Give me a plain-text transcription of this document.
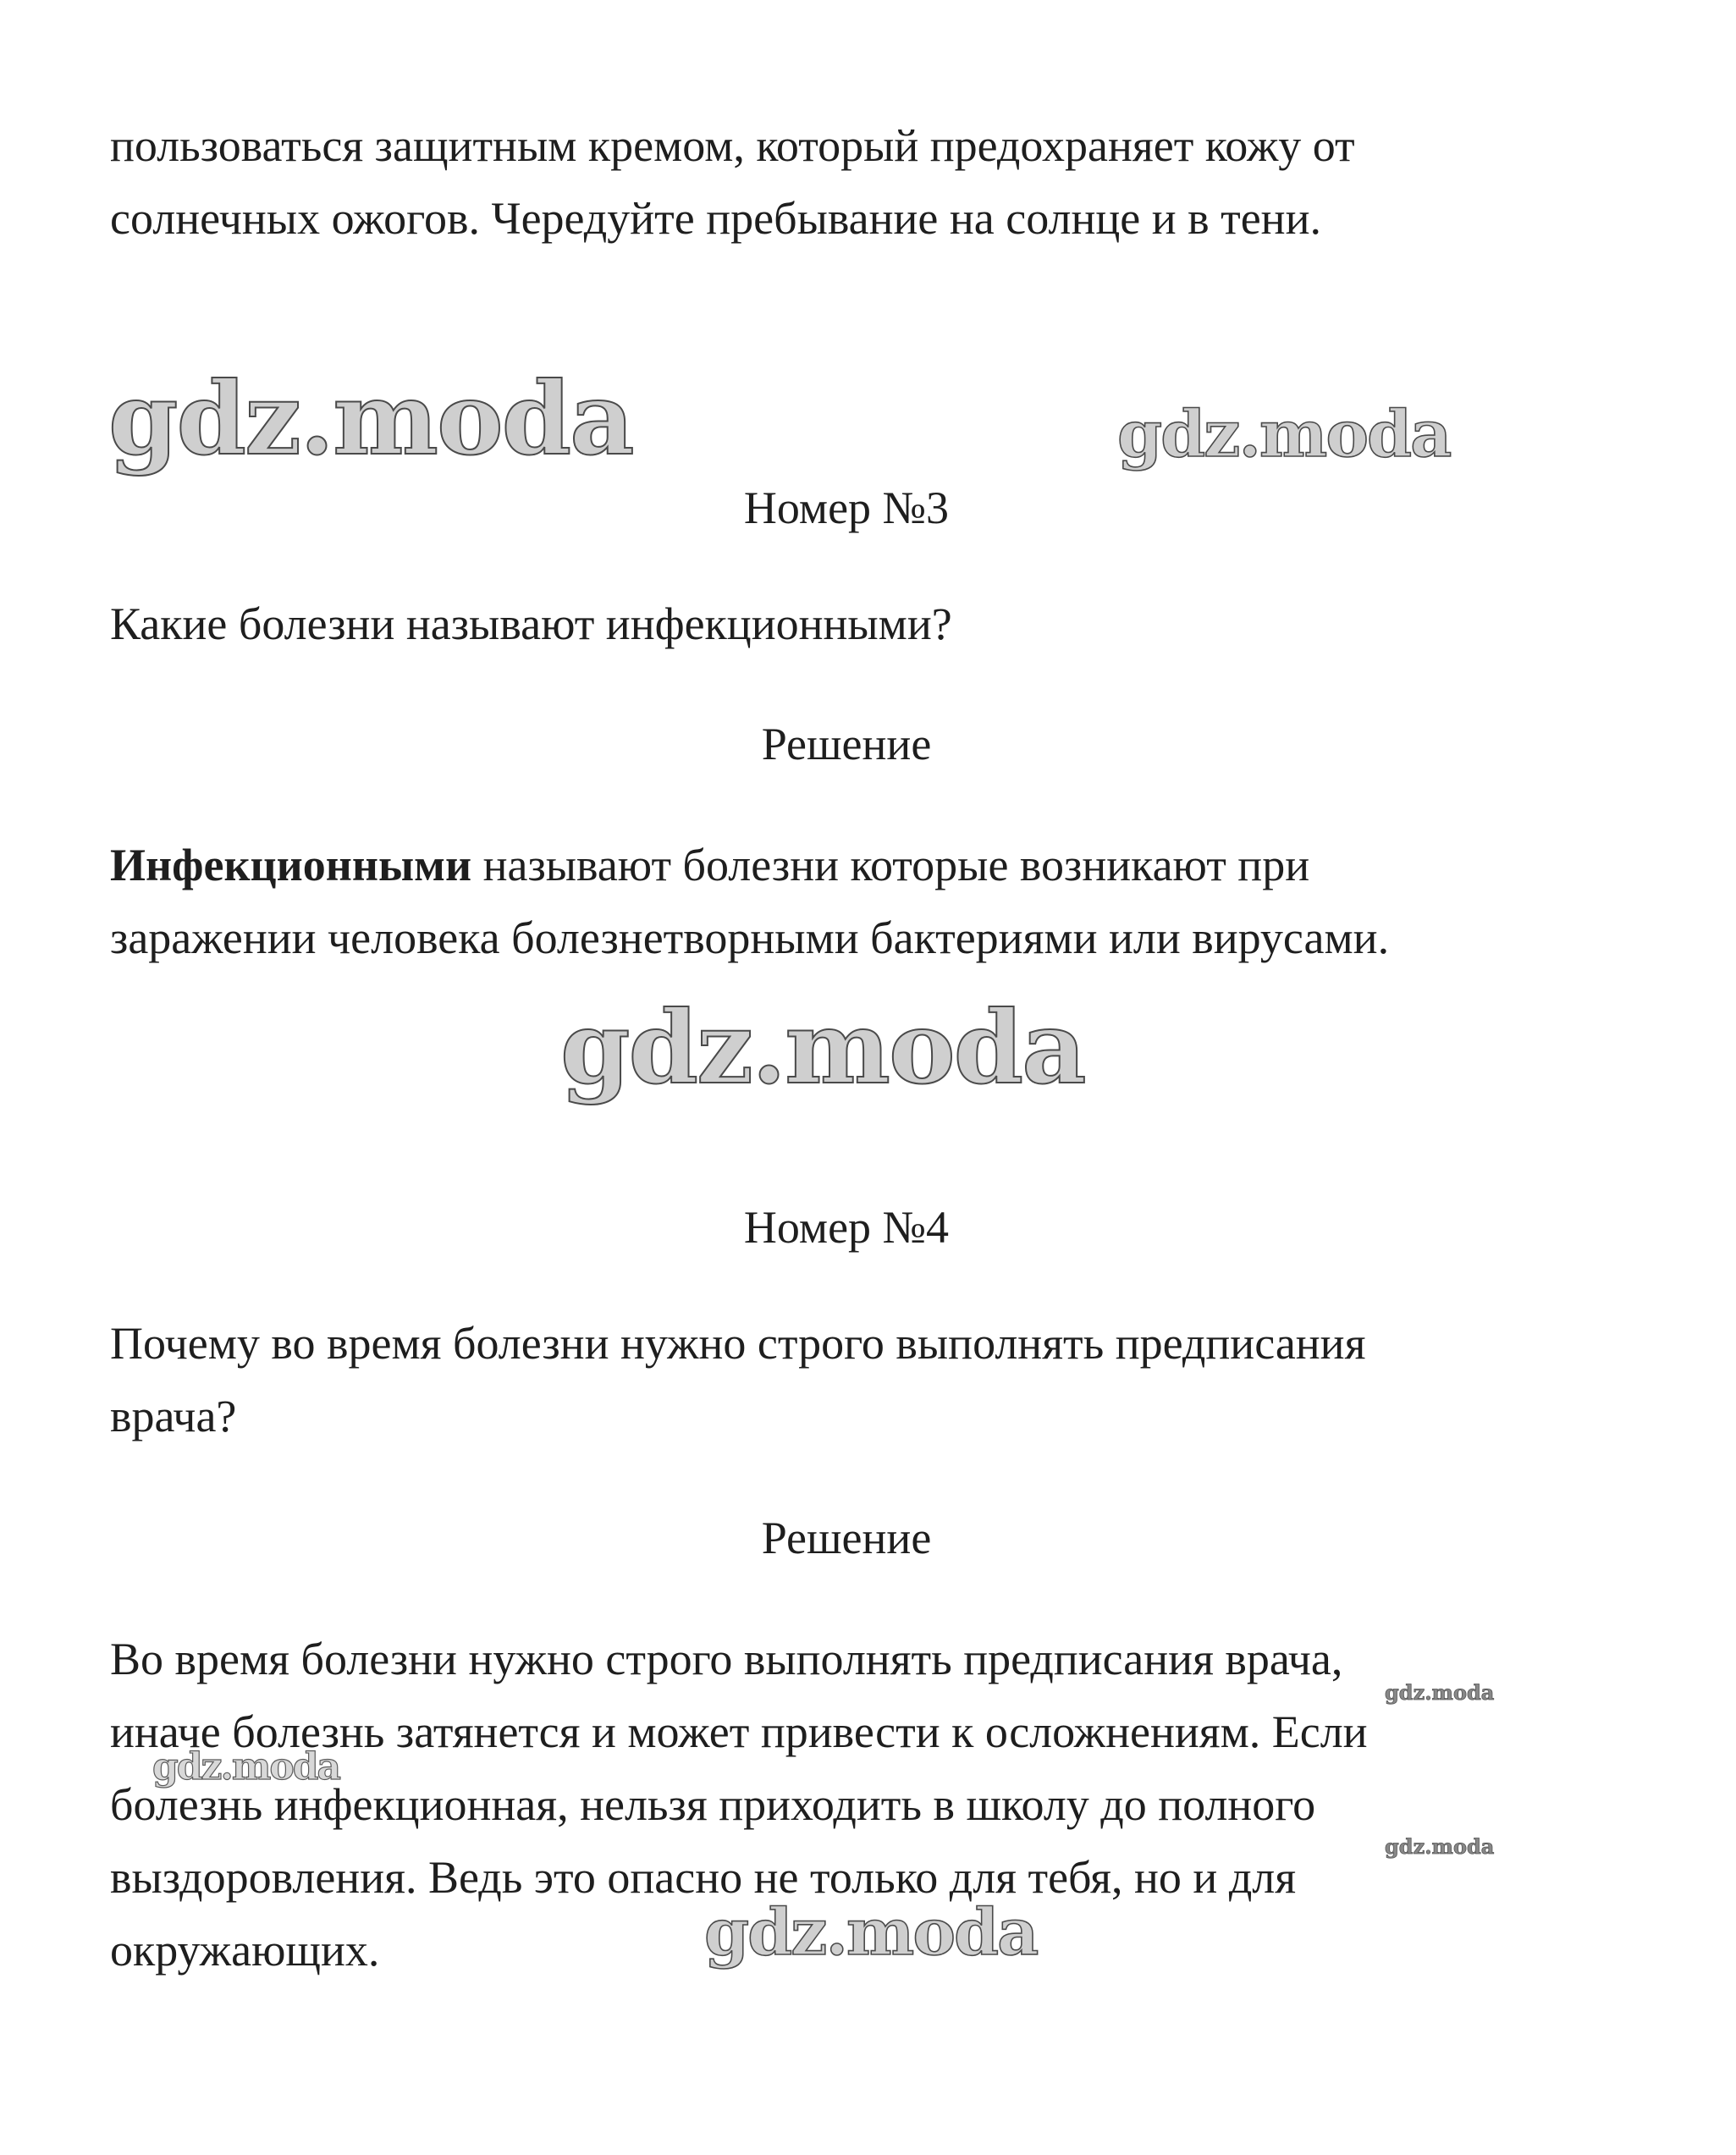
пользоваться защитным кремом, который предохраняет кожу от
солнечных ожогов. Чередуйте пребывание на солнце и в тени.
gdz.moda	gdz.moda
Номер №3
Какие болезни называют инфекционными?
Решение
Инфекционными называют болезни которые возникают при
заражении человека болезнетворными бактериями или вирусами.
gdz.moda
Номер №4
Почему во время болезни нужно строго выполнять предписания
врача?
Решение
Во время болезни нужно строго выполнять предписания врача,
иначе болезнь затянется и может привести к осложнениям. Если
болезнь инфекционная, нельзя приходить в школу до полного
выздоровления. Ведь это опасно не только для тебя, но и для
окружающих.
gdz.moda
gdz.moda
gdz.moda
gdz.moda
